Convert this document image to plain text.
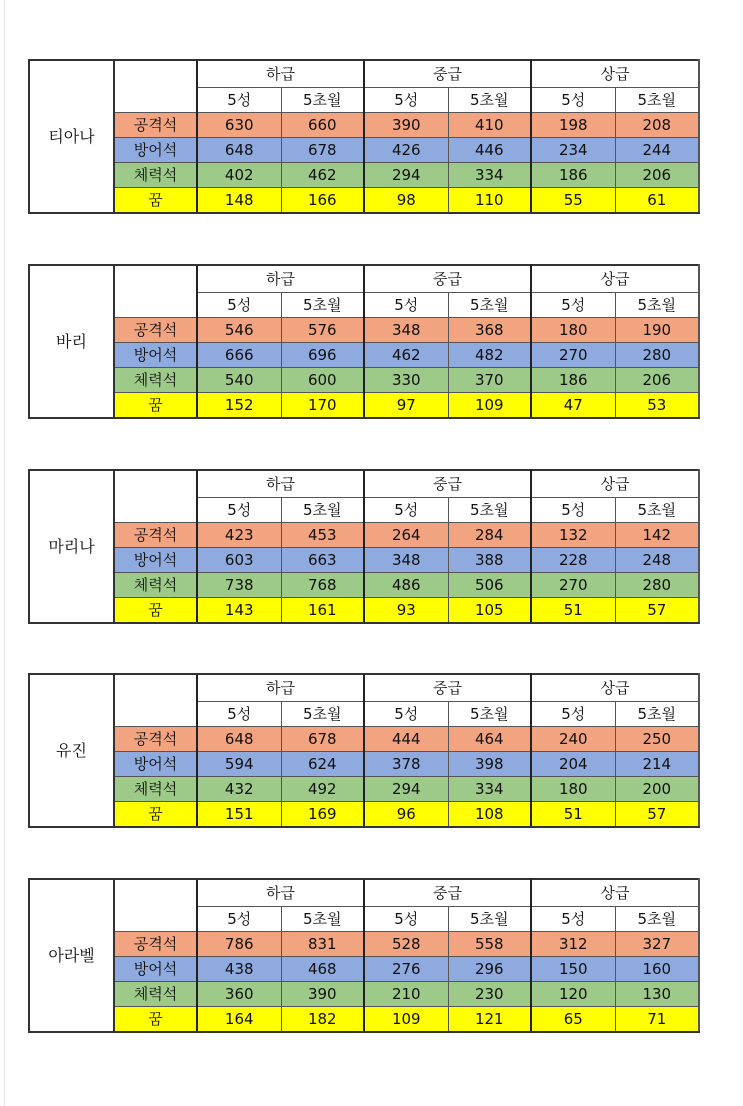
티아나		하급		중급		상급	
		5성	5초월	5성	5초월	5성	5초월
	공격석	630	660	390	410	198	208
	방어석	648	678	426	446	234	244
	체력석	402	462	294	334	186	206
	꿈	148	166	98	110	55	61
바리		하급		중급		상급	
		5성	5초월	5성	5초월	5성	5초월
	공격석	546	576	348	368	180	190
	방어석	666	696	462	482	270	280
	체력석	540	600	330	370	186	206
	꿈	152	170	97	109	47	53
마리나		하급		중급		상급	
		5성	5초월	5성	5초월	5성	5초월
	공격석	423	453	264	284	132	142
	방어석	603	663	348	388	228	248
	체력석	738	768	486	506	270	280
	꿈	143	161	93	105	51	57
유진		하급		중급		상급	
		5성	5초월	5성	5초월	5성	5초월
	공격석	648	678	444	464	240	250
	방어석	594	624	378	398	204	214
	체력석	432	492	294	334	180	200
	꿈	151	169	96	108	51	57
아라벨		하급		중급		상급	
		5성	5초월	5성	5초월	5성	5초월
	공격석	786	831	528	558	312	327
	방어석	438	468	276	296	150	160
	체력석	360	390	210	230	120	130
	꿈	164	182	109	121	65	71
